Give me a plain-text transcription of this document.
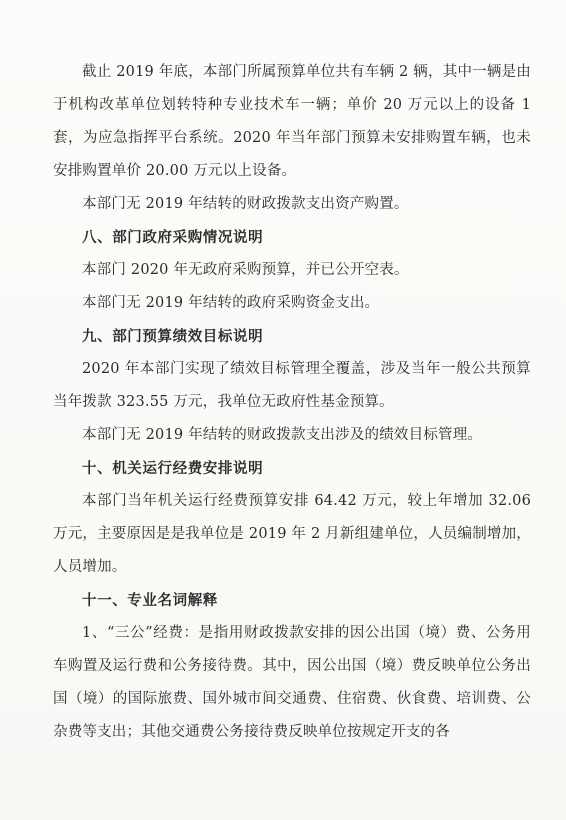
截止 2019 年底，本部门所属预算单位共有车辆 2 辆，其中一辆是由于机构改革单位划转特种专业技术车一辆；单价 20 万元以上的设备 1 套，为应急指挥平台系统。2020 年当年部门预算未安排购置车辆，也未安排购置单价 20.00 万元以上设备。

本部门无 2019 年结转的财政拨款支出资产购置。

八、部门政府采购情况说明

本部门 2020 年无政府采购预算，并已公开空表。

本部门无 2019 年结转的政府采购资金支出。

九、部门预算绩效目标说明

2020 年本部门实现了绩效目标管理全覆盖，涉及当年一般公共预算当年拨款 323.55 万元，我单位无政府性基金预算。

本部门无 2019 年结转的财政拨款支出涉及的绩效目标管理。

十、机关运行经费安排说明

本部门当年机关运行经费预算安排 64.42 万元，较上年增加 32.06 万元，主要原因是是我单位是 2019 年 2 月新组建单位，人员编制增加，人员增加。

十一、专业名词解释

1、“三公”经费：是指用财政拨款安排的因公出国（境）费、公务用车购置及运行费和公务接待费。其中，因公出国（境）费反映单位公务出国（境）的国际旅费、国外城市间交通费、住宿费、伙食费、培训费、公杂费等支出；其他交通费公务接待费反映单位按规定开支的各
